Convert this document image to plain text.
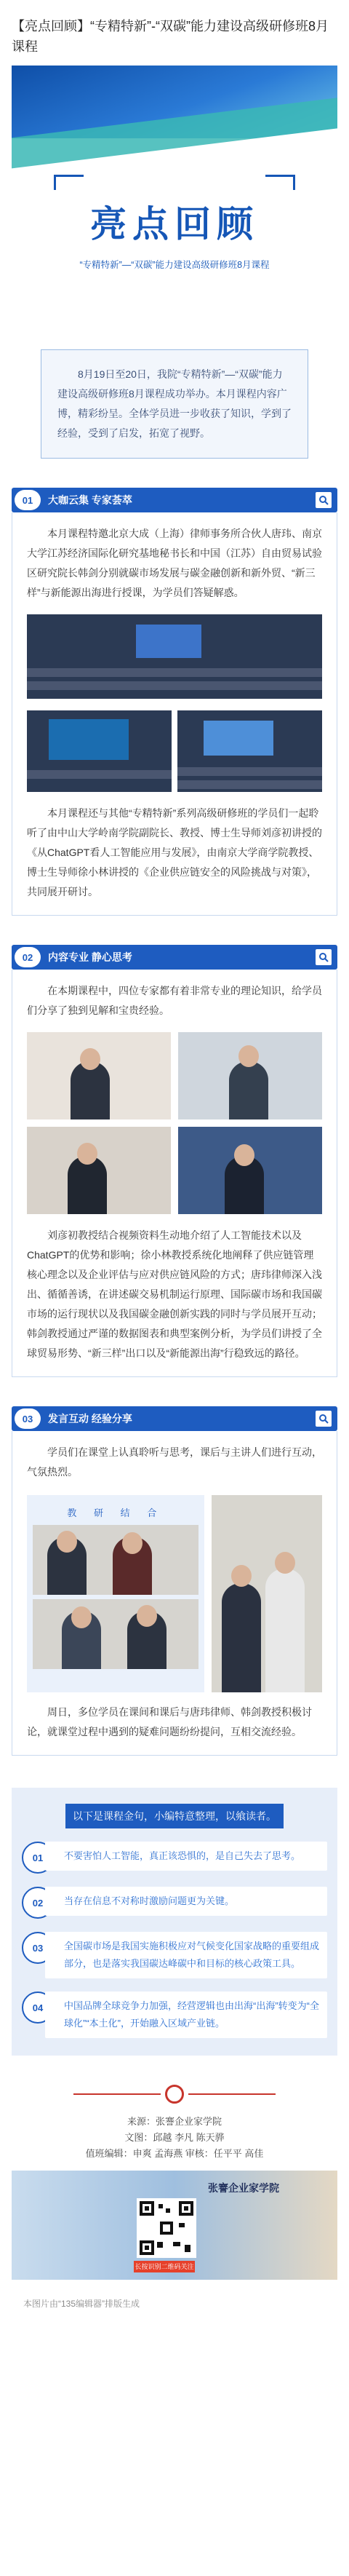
【亮点回顾】“专精特新”-“双碳”能力建设高级研修班8月课程
亮点回顾
“专精特新”—“双碳”能力建设高级研修班8月课程
8月19日至20日，我院“专精特新”—“双碳”能力建设高级研修班8月课程成功举办。本月课程内容广博，精彩纷呈。全体学员进一步收获了知识，学到了经验，受到了启发，拓宽了视野。
01	大咖云集 专家荟萃

本月课程特邀北京大成（上海）律师事务所合伙人唐玮、南京大学江苏经济国际化研究基地秘书长和中国（江苏）自由贸易试验区研究院长韩剑分别就碳市场发展与碳金融创新和新外贸、“新三样”与新能源出海进行授课，为学员们答疑解惑。

本月课程还与其他“专精特新”系列高级研修班的学员们一起聆听了由中山大学岭南学院副院长、教授、博士生导师刘彦初讲授的《从ChatGPT看人工智能应用与发展》，由南京大学商学院教授、博士生导师徐小林讲授的《企业供应链安全的风险挑战与对策》，共同展开研讨。

02	内容专业 静心思考

在本期课程中，四位专家都有着非常专业的理论知识，给学员们分享了独到见解和宝贵经验。

刘彦初教授结合视频资料生动地介绍了人工智能技术以及ChatGPT的优势和影响；徐小林教授系统化地阐释了供应链管理核心理念以及企业评估与应对供应链风险的方式；唐玮律师深入浅出、循循善诱，在讲述碳交易机制运行原理、国际碳市场和我国碳市场的运行现状以及我国碳金融创新实践的同时与学员展开互动；韩剑教授通过严谨的数据图表和典型案例分析，为学员们讲授了全球贸易形势、“新三样”出口以及“新能源出海”行稳致远的路径。

03	发言互动 经验分享

学员们在课堂上认真聆听与思考，课后与主讲人们进行互动，气氛热烈。

教 研 结 合

周日，多位学员在课间和课后与唐玮律师、韩剑教授积极讨论，就课堂过程中遇到的疑难问题纷纷提问，互相交流经验。

以下是课程金句，小编特意整理，以飨读者。
01	不要害怕人工智能，真正该恐惧的，是自己失去了思考。
02	当存在信息不对称时激励问题更为关键。
03	全国碳市场是我国实施积极应对气候变化国家战略的重要组成部分，也是落实我国碳达峰碳中和目标的核心政策工具。
04	中国品牌全球竞争力加强，经营逻辑也由出海“出海”转变为“全球化”“本土化”，开始融入区域产业链。
来源：张謇企业家学院
文图：邱越 李凡 陈天骅
值班编辑：申爽 孟海燕 审核：任平平 高佳
张謇企业家学院
长按识别二维码关注
本图片由“135编辑器”排版生成
